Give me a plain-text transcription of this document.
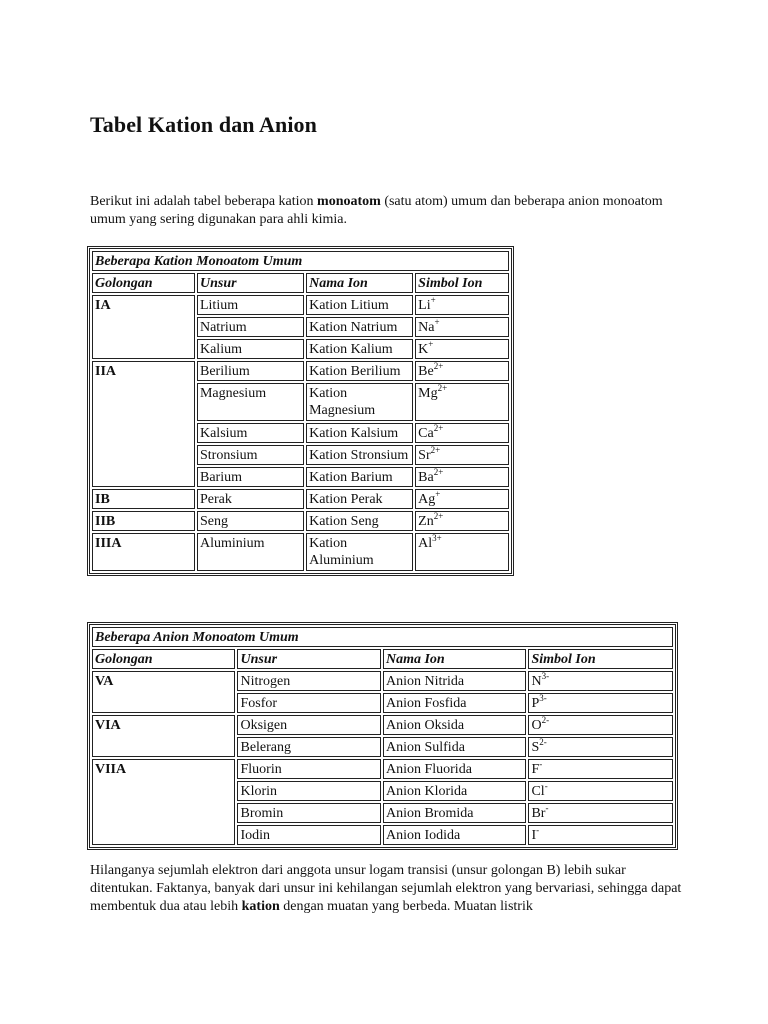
Tabel Kation dan Anion

Berikut ini adalah tabel beberapa kation monoatom (satu atom) umum dan beberapa anion monoatom umum yang sering digunakan para ahli kimia.

Beberapa Kation Monoatom Umum			
Golongan	Unsur	Nama Ion	Simbol Ion
IA	Litium	Kation Litium	Li+
	Natrium	Kation Natrium	Na+
	Kalium	Kation Kalium	K+
IIA	Berilium	Kation Berilium	$Be^{2+}$
	Magnesium	Kation Magnesium	$Mg^{2+}$
	Kalsium	Kation Kalsium	$Ca^{2+}$
	Stronsium	Kation Stronsium	$Sr^{2+}$
	Barium	Kation Barium	$Ba^{2+}$
IB	Perak	Kation Perak	Ag+
IIB	Seng	Kation Seng	$Zn^{2+}$
IIIA	Aluminium	Kation Aluminium	$Al^{3+}$
Beberapa Anion Monoatom Umum			
Golongan	Unsur	Nama Ion	Simbol Ion
VA	Nitrogen	Anion Nitrida	$N^{3-}$
	Fosfor	Anion Fosfida	$P^{3-}$
VIA	Oksigen	Anion Oksida	$O^{2-}$
	Belerang	Anion Sulfida	$S^{2-}$
VIIA	Fluorin	Anion Fluorida	F-
	Klorin	Anion Klorida	Cl-
	Bromin	Anion Bromida	Br-
	Iodin	Anion Iodida	I-

Hilanganya sejumlah elektron dari anggota unsur logam transisi (unsur golongan B) lebih sukar ditentukan. Faktanya, banyak dari unsur ini kehilangan sejumlah elektron yang bervariasi, sehingga dapat membentuk dua atau lebih kation dengan muatan yang berbeda. Muatan listrik
